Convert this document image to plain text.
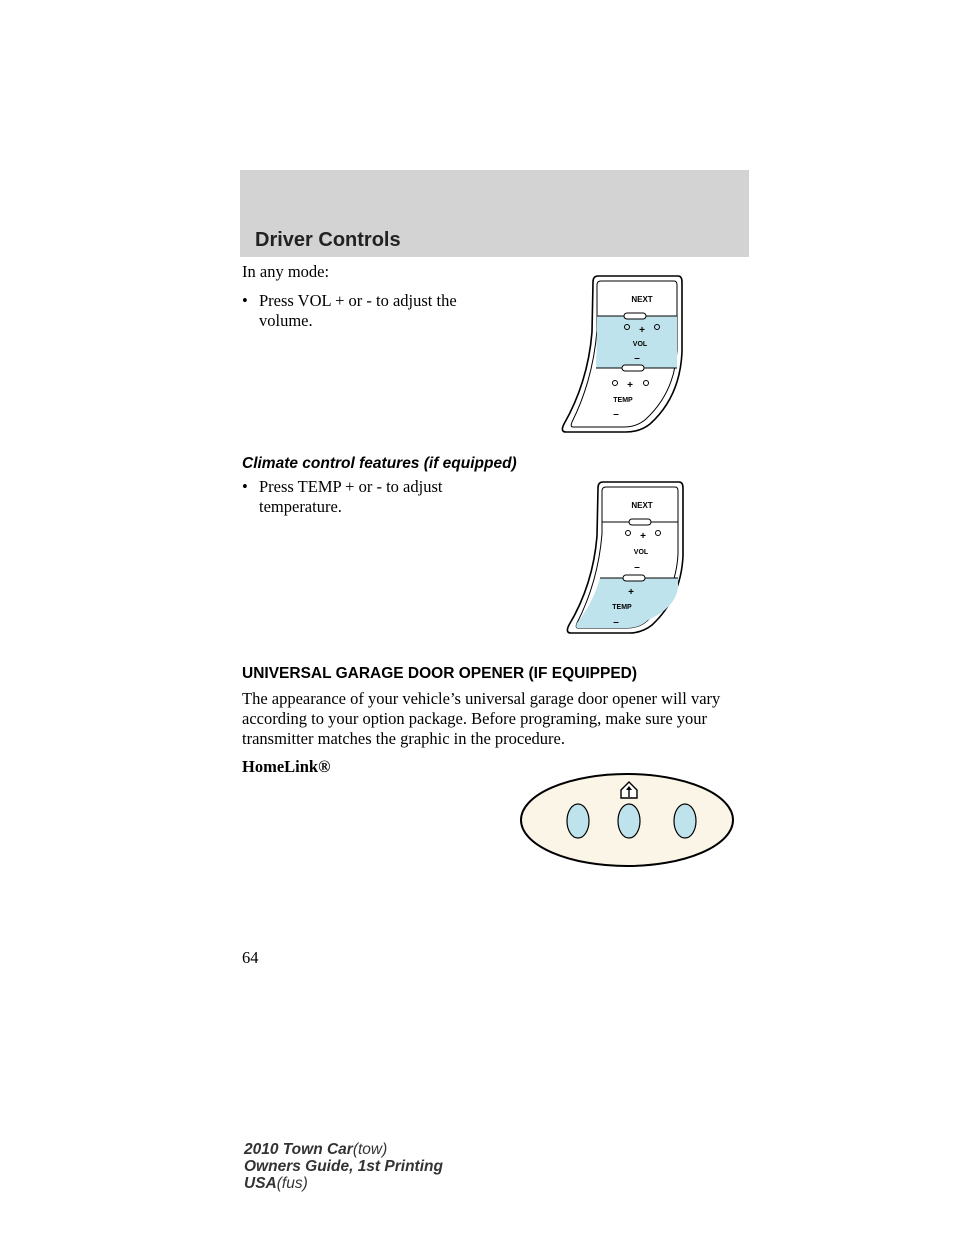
Driver Controls
In any mode:
• Press VOL + or - to adjust the
volume.
NEXT
+
VOL
–
+
TEMP
–
Climate control features (if equipped)
• Press TEMP + or - to adjust
temperature.	NEXT
+
VOL
–
+
TEMP
–
UNIVERSAL GARAGE DOOR OPENER (IF EQUIPPED)
The appearance of your vehicle’s universal garage door opener will vary
according to your option package. Before programing, make sure your
transmitter matches the graphic in the procedure.
HomeLink®
64
2010 Town Car(tow)
Owners Guide, 1st Printing
USA(fus)
